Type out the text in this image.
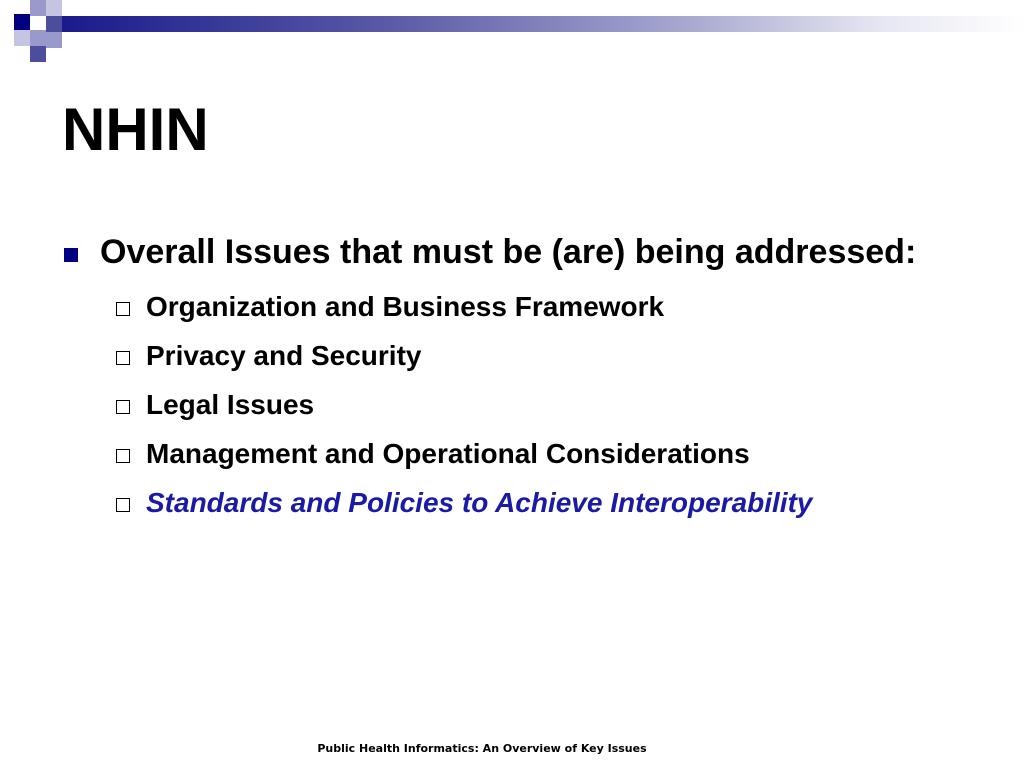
NHIN
Overall Issues that must be (are) being addressed:
Organization and Business Framework
Privacy and Security
Legal Issues
Management and Operational Considerations
Standards and Policies to Achieve Interoperability
Public Health Informatics: An Overview of Key Issues
